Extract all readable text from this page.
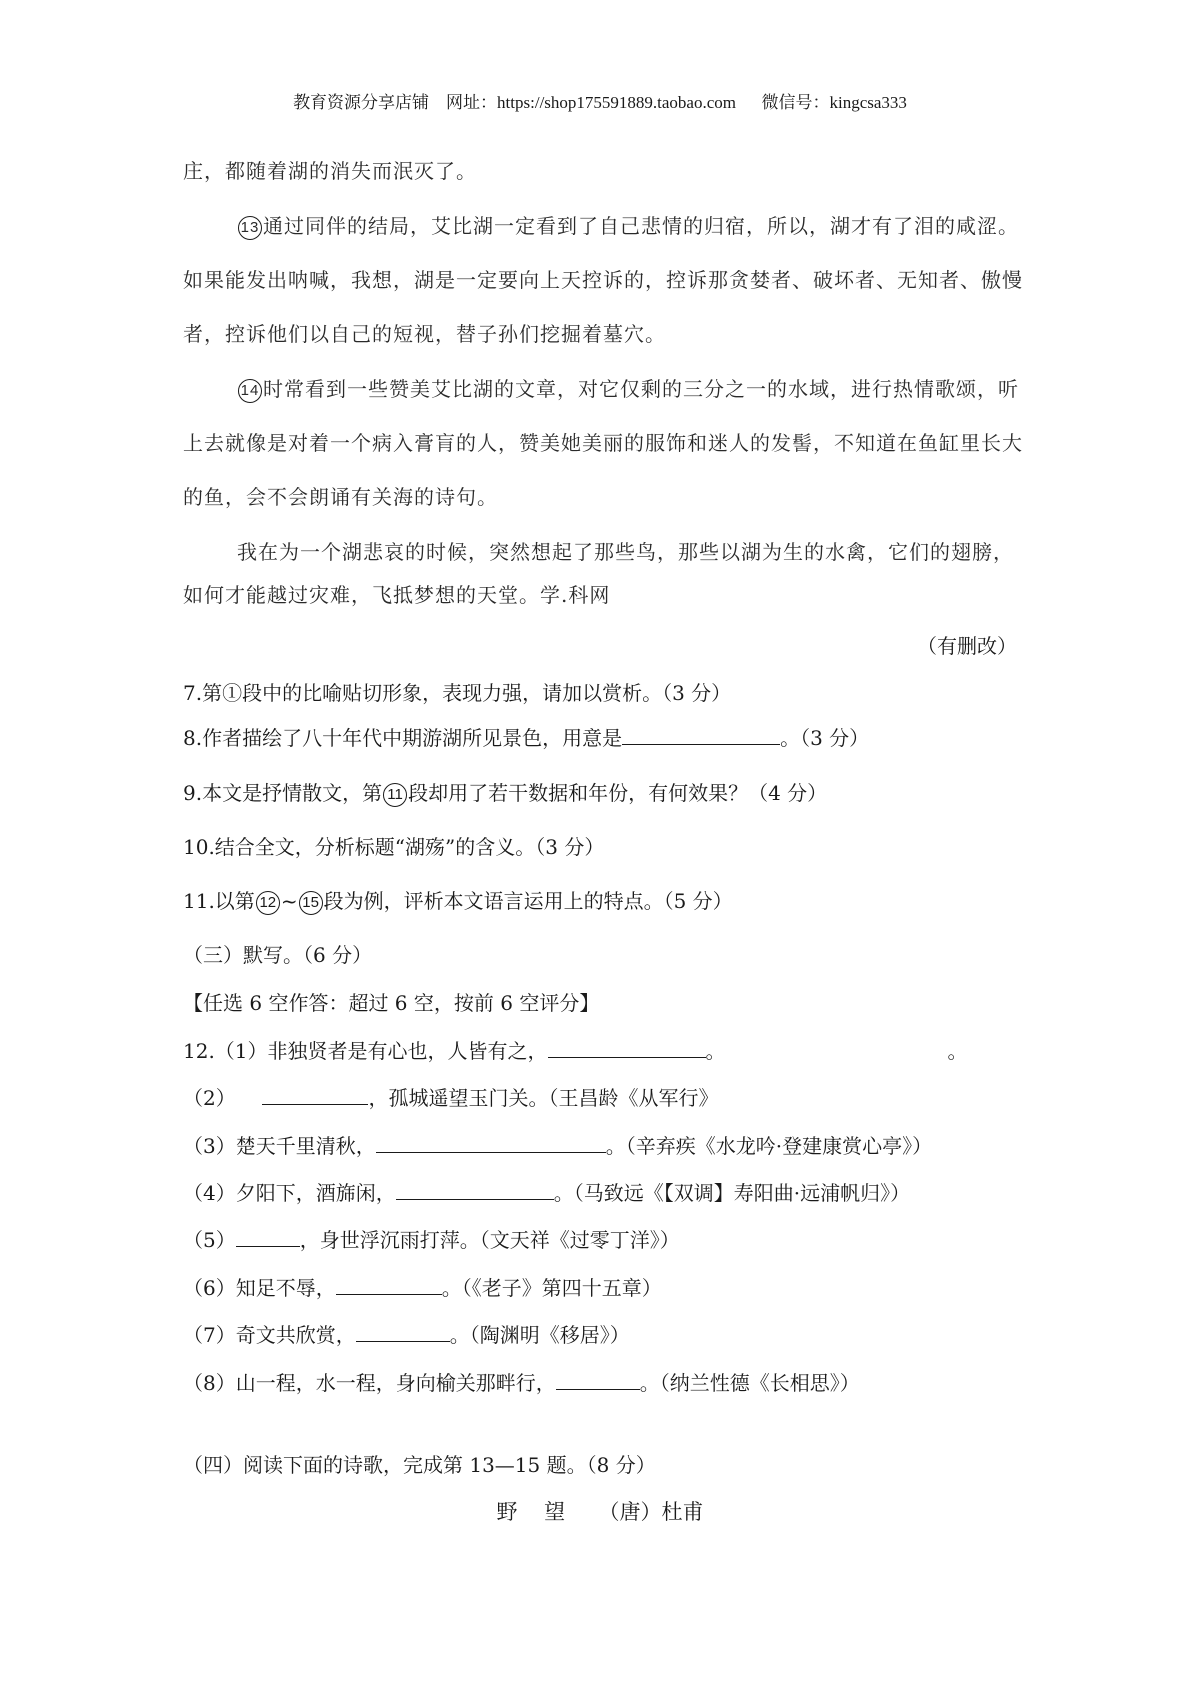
教育资源分享店铺    网址：https://shop175591889.taobao.com      微信号：kingcsa333
庄，都随着湖的消失而泯灭了。
13 通过同伴的结局，艾比湖一定看到了自己悲情的归宿，所以，湖才有了泪的咸涩。
如果能发出呐喊，我想，湖是一定要向上天控诉的，控诉那贪婪者、破坏者、无知者、傲慢
者，控诉他们以自己的短视，替子孙们挖掘着墓穴。
14 时常看到一些赞美艾比湖的文章，对它仅剩的三分之一的水域，进行热情歌颂，听
上去就像是对着一个病入膏肓的人，赞美她美丽的服饰和迷人的发髻，不知道在鱼缸里长大
的鱼，会不会朗诵有关海的诗句。
我在为一个湖悲哀的时候，突然想起了那些鸟，那些以湖为生的水禽，它们的翅膀，
如何才能越过灾难，飞抵梦想的天堂。学.科网
（有删改）
7.第①段中的比喻贴切形象，表现力强，请加以赏析。（3 分）
8.作者描绘了八十年代中期游湖所见景色，用意是	。（3 分）
9.本文是抒情散文，第 11 段却用了若干数据和年份，有何效果？（4 分）
10.结合全文，分析标题“湖殇”的含义。（3 分）
11.以第 12 ~ 15 段为例，评析本文语言运用上的特点。（5 分）
（三）默写。（6 分）
【任选 6 空作答：超过 6 空，按前 6 空评分】
12.（1）非独贤者是有心也，人皆有之，	。	。
（2）	，孤城遥望玉门关。（王昌龄《从军行》
（3）楚天千里清秋，	。（辛弃疾《水龙吟·登建康赏心亭》）
（4）夕阳下，酒旆闲，	。（马致远《【双调】寿阳曲·远浦帆归》）
（5）	，身世浮沉雨打萍。（文天祥《过零丁洋》）
（6）知足不辱，	。（《老子》第四十五章）
（7）奇文共欣赏，	。（陶渊明《移居》）
（8）山一程，水一程，身向榆关那畔行，	。（纳兰性德《长相思》）
（四）阅读下面的诗歌，完成第 13—15 题。（8 分）
野    望     （唐）杜甫
